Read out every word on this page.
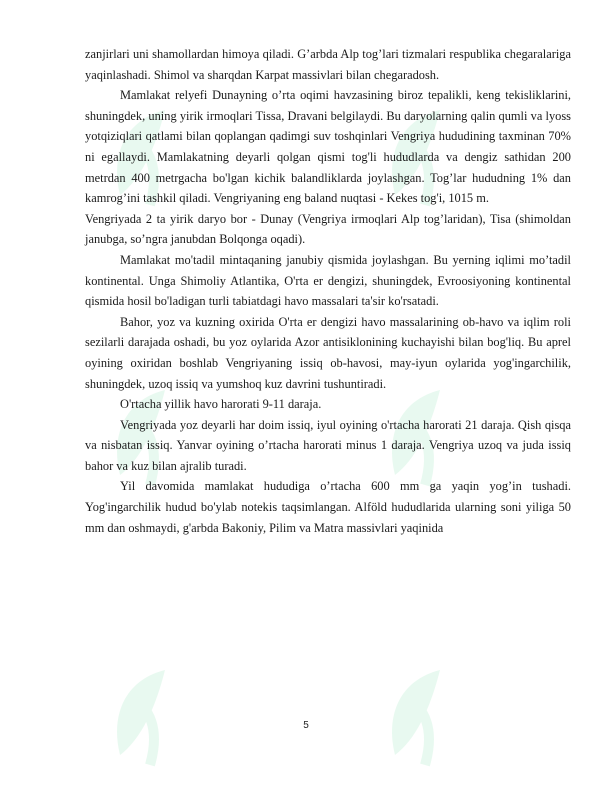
zanjirlari uni shamollardan himoya qiladi. G’arbda Alp tog’lari tizmalari respublika chegaralariga yaqinlashadi. Shimol va sharqdan Karpat massivlari bilan chegaradosh.

Mamlakat relyefi Dunayning o’rta oqimi havzasining biroz tepalikli, keng tekisliklarini, shuningdek, uning yirik irmoqlari Tissa, Dravani belgilaydi. Bu daryolarning qalin qumli va lyoss yotqiziqlari qatlami bilan qoplangan qadimgi suv toshqinlari Vengriya hududining taxminan 70% ni egallaydi. Mamlakatning deyarli qolgan qismi tog'li hududlarda va dengiz sathidan 200 metrdan 400 metrgacha bo'lgan kichik balandliklarda joylashgan. Tog’lar hududning 1% dan kamrog’ini tashkil qiladi. Vengriyaning eng baland nuqtasi - Kekes tog'i, 1015 m.

Vengriyada 2 ta yirik daryo bor - Dunay (Vengriya irmoqlari Alp tog’laridan), Tisa (shimoldan janubga, so’ngra janubdan Bolqonga oqadi).

Mamlakat mo'tadil mintaqaning janubiy qismida joylashgan. Bu yerning iqlimi mo’tadil kontinental. Unga Shimoliy Atlantika, O'rta er dengizi, shuningdek, Evroosiyoning kontinental qismida hosil bo'ladigan turli tabiatdagi havo massalari ta'sir ko'rsatadi.

Bahor, yoz va kuzning oxirida O'rta er dengizi havo massalarining ob-havo va iqlim roli sezilarli darajada oshadi, bu yoz oylarida Azor antisiklonining kuchayishi bilan bog'liq. Bu aprel oyining oxiridan boshlab Vengriyaning issiq ob-havosi, may-iyun oylarida yog'ingarchilik, shuningdek, uzoq issiq va yumshoq kuz davrini tushuntiradi.

O'rtacha yillik havo harorati 9-11 daraja.

Vengriyada yoz deyarli har doim issiq, iyul oyining o'rtacha harorati 21 daraja. Qish qisqa va nisbatan issiq. Yanvar oyining o’rtacha harorati minus 1 daraja. Vengriya uzoq va juda issiq bahor va kuz bilan ajralib turadi.

Yil davomida mamlakat hududiga o’rtacha 600 mm ga yaqin yog’in tushadi. Yog'ingarchilik hudud bo'ylab notekis taqsimlangan. Alföld hududlarida ularning soni yiliga 50 mm dan oshmaydi, g'arbda Bakoniy, Pilim va Matra massivlari yaqinida

5
